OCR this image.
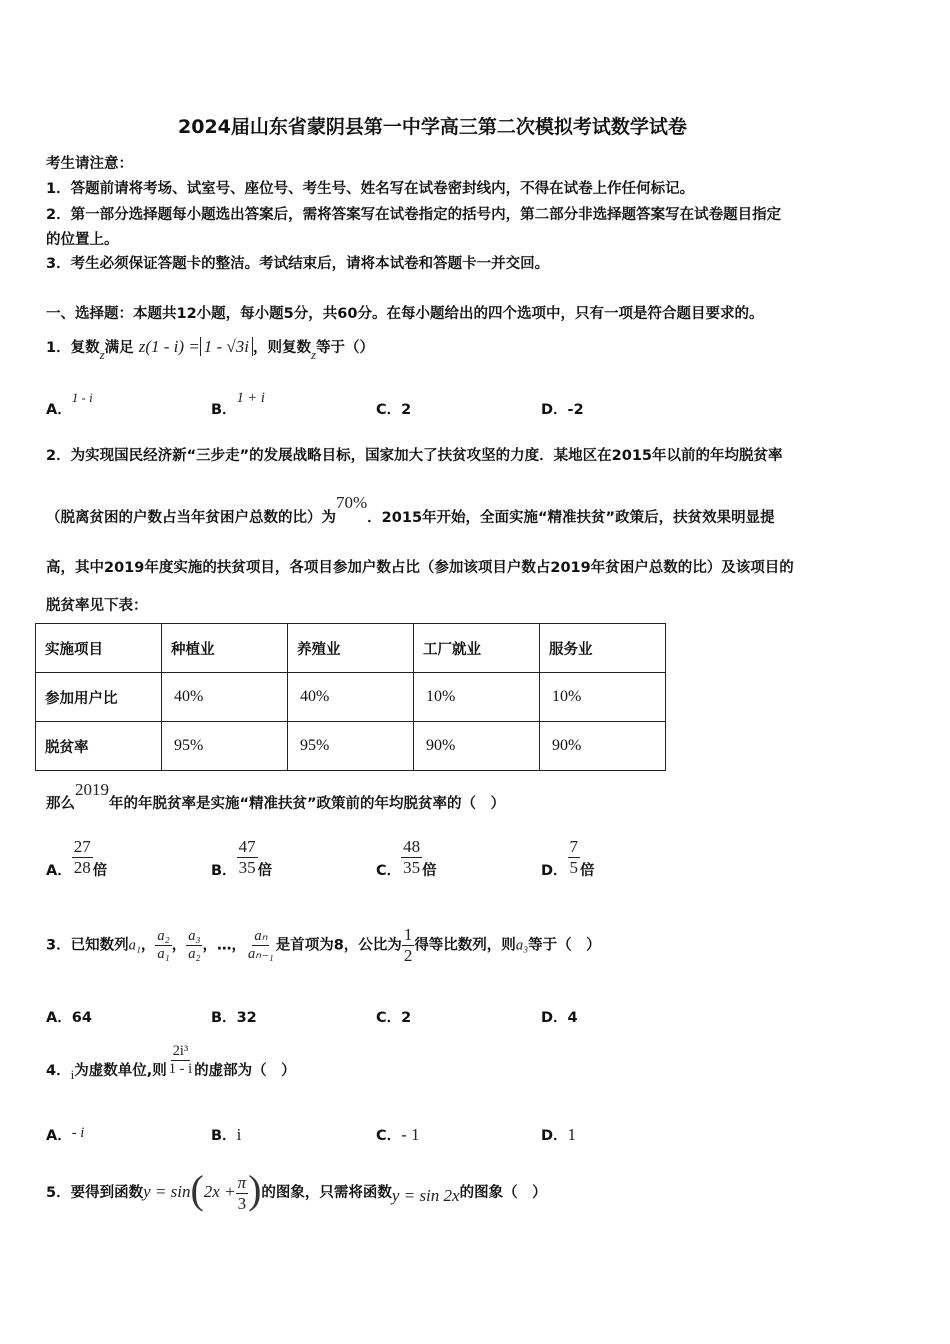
2024届山东省蒙阴县第一中学高三第二次模拟考试数学试卷
考生请注意：
1．答题前请将考场、试室号、座位号、考生号、姓名写在试卷密封线内，不得在试卷上作任何标记。
2．第一部分选择题每小题选出答案后，需将答案写在试卷指定的括号内，第二部分非选择题答案写在试卷题目指定
的位置上。
3．考生必须保证答题卡的整洁。考试结束后，请将本试卷和答题卡一并交回。
一、选择题：本题共12小题，每小题5分，共60分。在每小题给出的四个选项中，只有一项是符合题目要求的。
1．复数z满足 z(1 - i) = 1 - √3i ，则复数z等于（）
A．1 - i
B．1 + i
C．2	D．-2
2．为实现国民经济新“三步走”的发展战略目标，国家加大了扶贫攻坚的力度．某地区在2015年以前的年均脱贫率
（脱离贫困的户数占当年贫困户总数的比）为70%．2015年开始，全面实施“精准扶贫”政策后，扶贫效果明显提
高，其中2019年度实施的扶贫项目，各项目参加户数占比（参加该项目户数占2019年贫困户总数的比）及该项目的
脱贫率见下表：
实施项目	种植业	养殖业	工厂就业	服务业
参加用户比	40%	40%	10%	10%
脱贫率	95%	95%	90%	90%
那么2019年的年脱贫率是实施“精准扶贫”政策前的年均脱贫率的（　）
A． $\frac{27}{28}$ 倍	B． $\frac{47}{35}$ 倍	C． $\frac{48}{35}$ 倍	D． $\frac{7}{5}$ 倍
3．已知数列a₁， $\frac{\text{a₂}}{\text{a₁}}$ ， $\frac{\text{a₃}}{\text{a₂}}$ ，…， $\frac{\text{aₙ}}{\text{aₙ₋₁}}$ 是首项为8，公比为 $\frac{1}{2}$ 得等比数列，则a₃等于（　）
A．64	B．32	C．2	D．4
4．i为虚数单位,则 $\frac{\text{2i³}}{1 - i}$ 的虚部为（　）
A．- i	B．i	C．- 1	D．1
5．要得到函数$y = \sin(2x + \frac{\pi}{3}$ )的图象，只需将函数y = sin 2x的图象（　）
